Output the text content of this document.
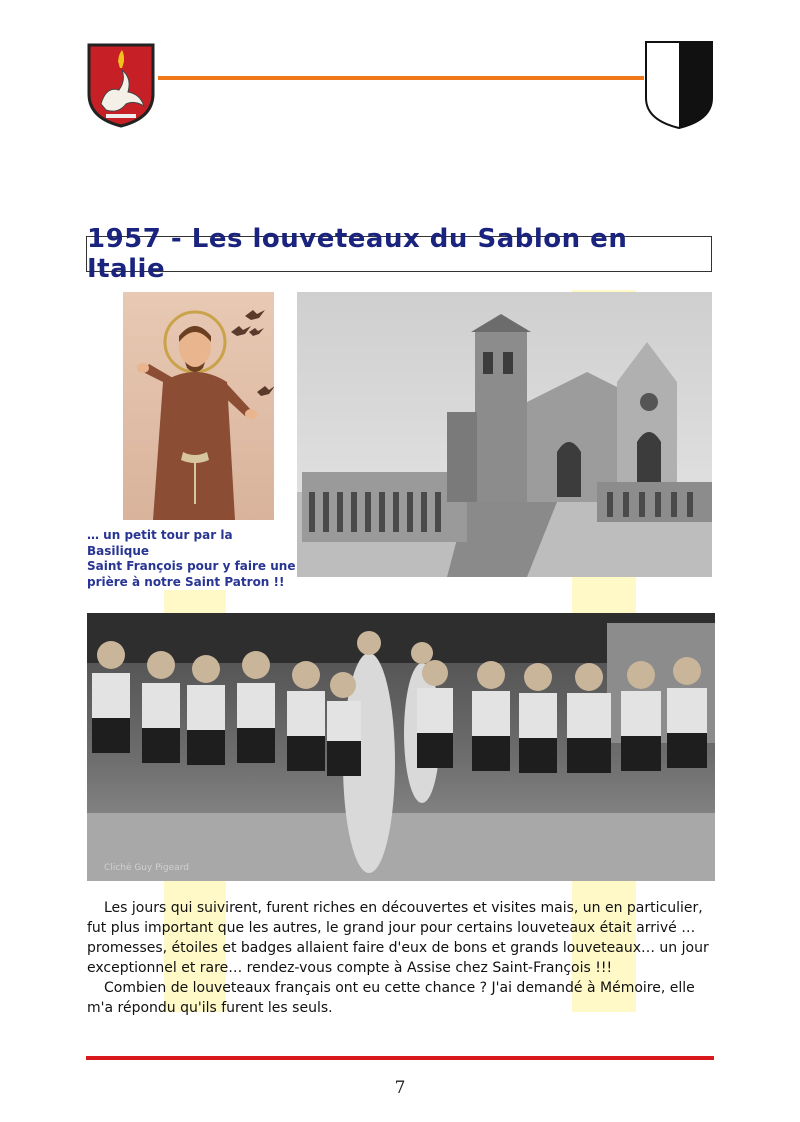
1957 - Les louveteaux du Sablon en Italie
… un petit tour par la Basilique
Saint François pour y faire une
prière à notre Saint Patron !!
Cliché Guy Pigeard

Les jours qui suivirent, furent riches en découvertes et visites mais, un en particulier, fut plus important que les autres, le grand jour pour certains louveteaux était arrivé … promesses, étoiles et badges allaient faire d'eux de bons et grands louveteaux… un jour exceptionnel et rare… rendez-vous compte à Assise chez Saint-François !!!

Combien de louveteaux français ont eu cette chance ? J'ai demandé à Mémoire, elle m'a répondu qu'ils furent les seuls.

7
